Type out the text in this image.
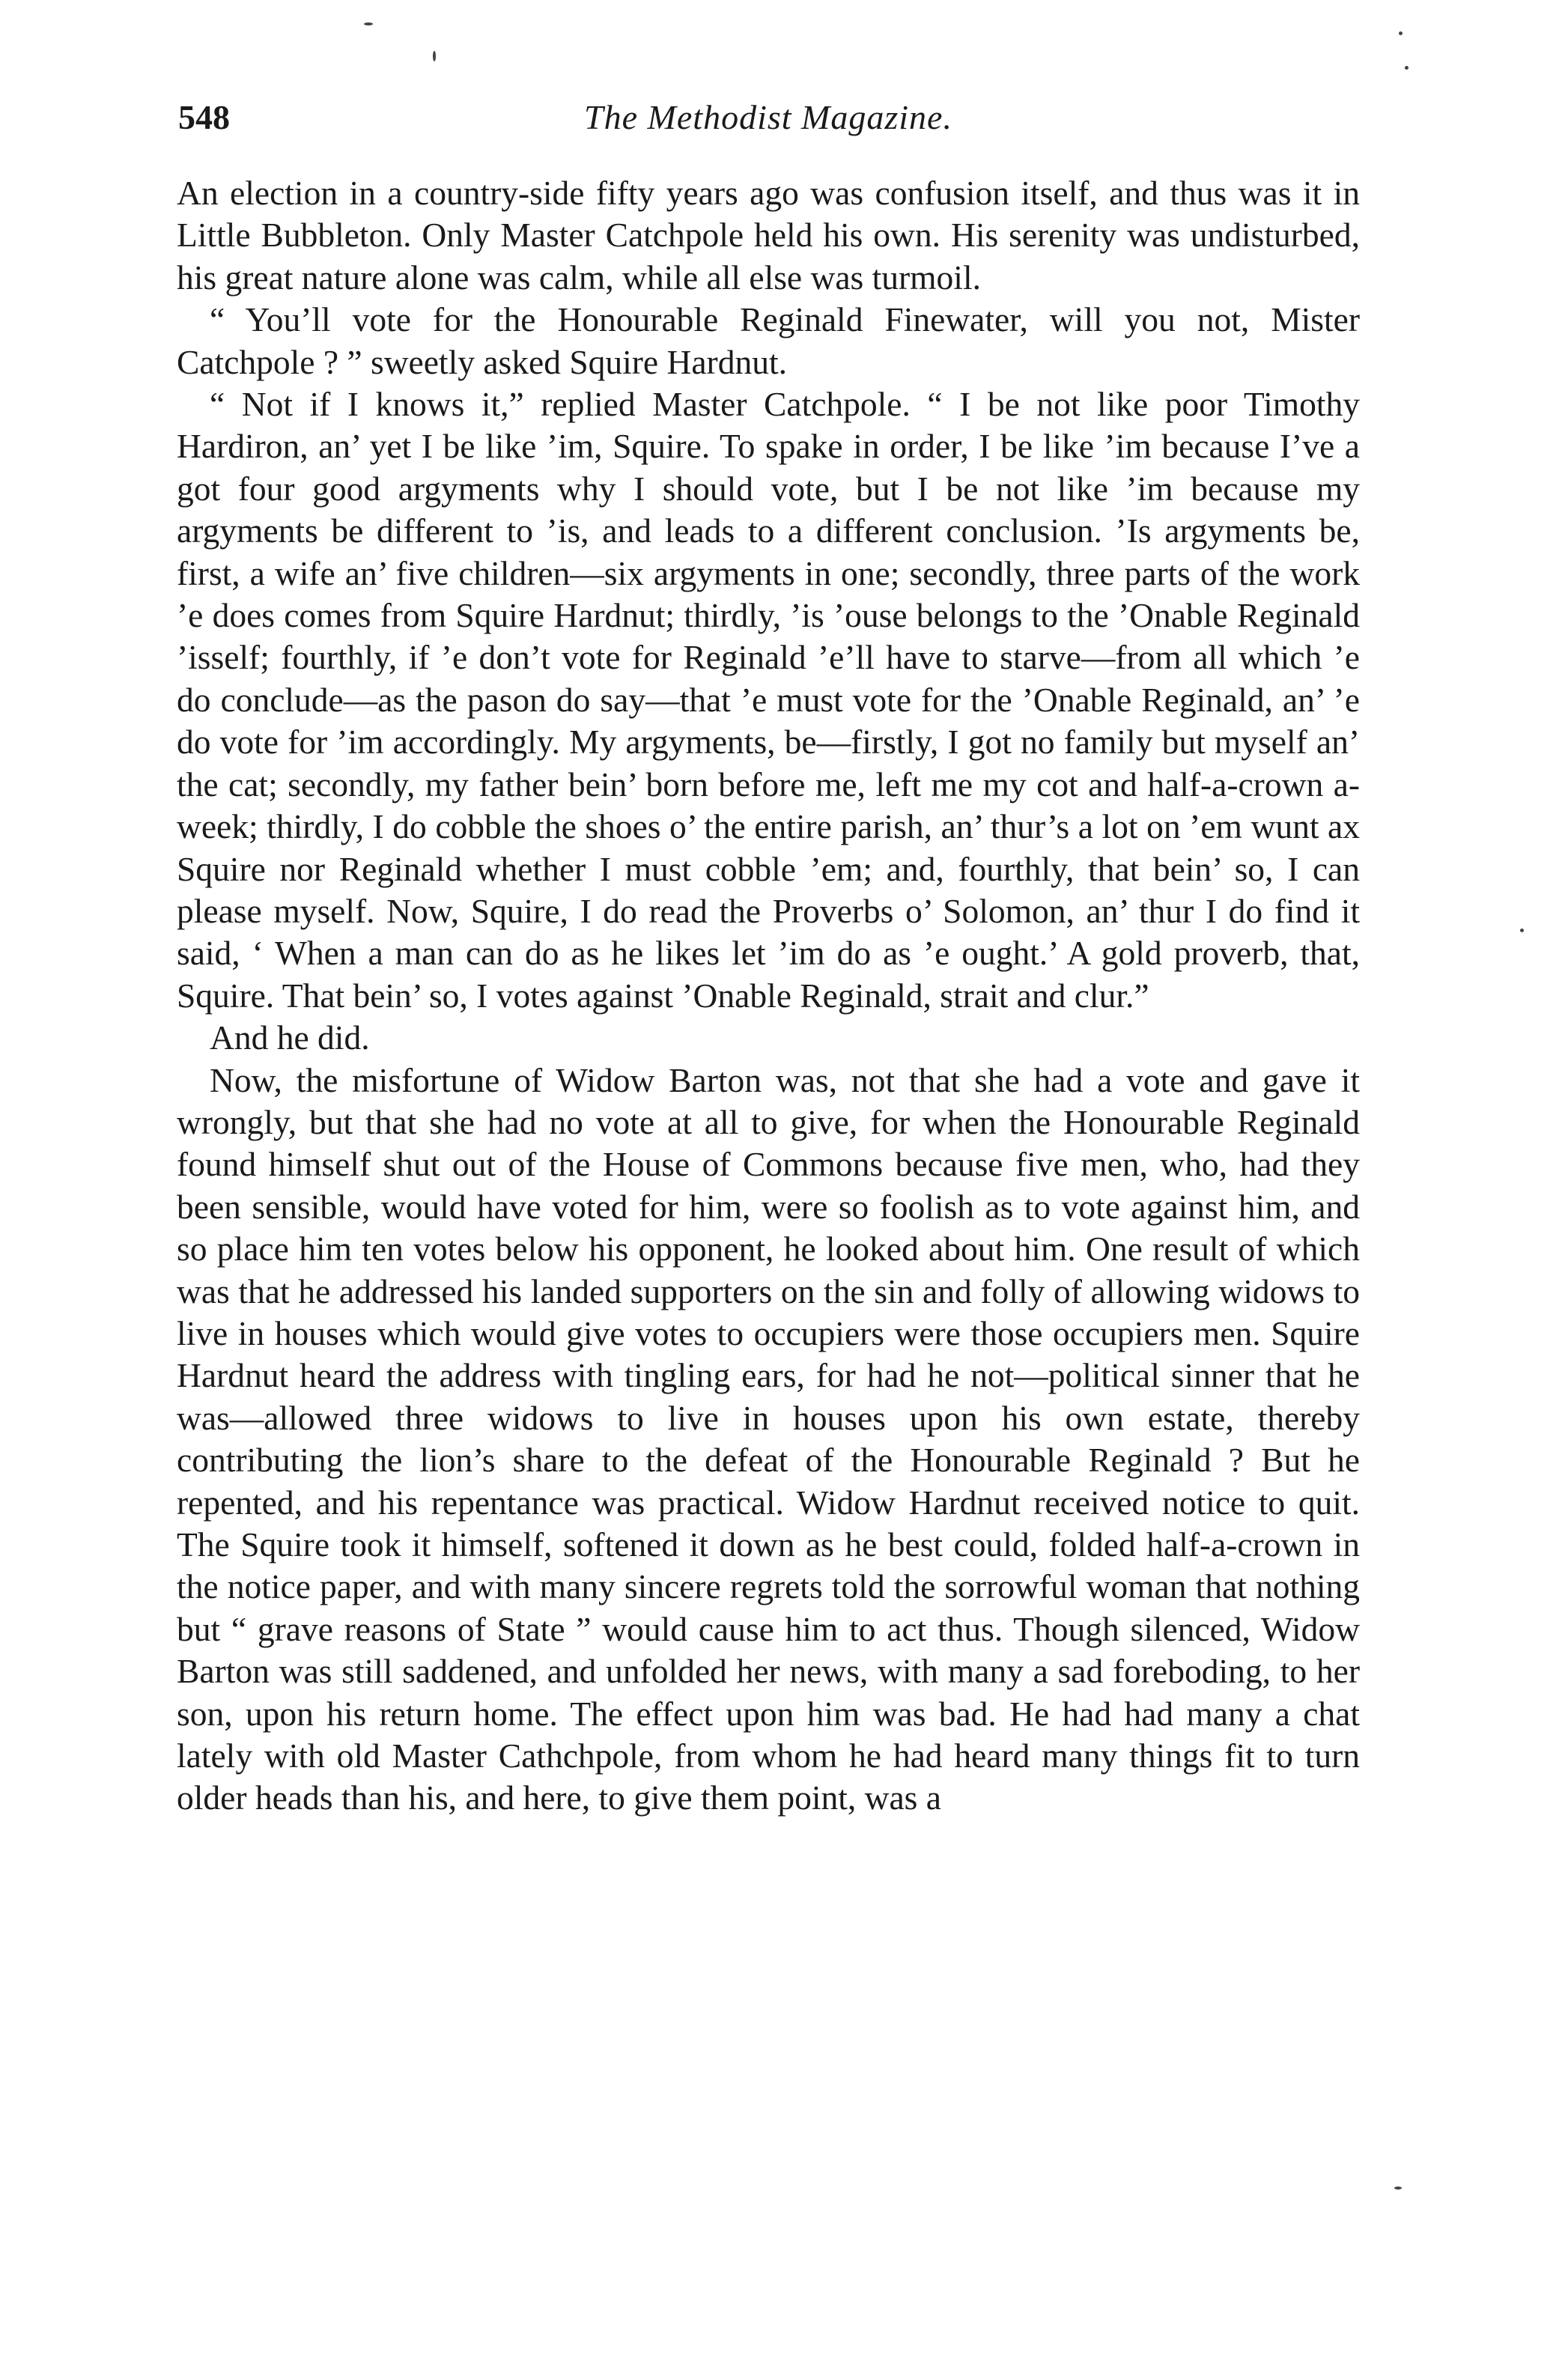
548	The Methodist Magazine.

An election in a country-side fifty years ago was confusion itself, and thus was it in Little Bubbleton. Only Master Catchpole held his own. His serenity was undisturbed, his great nature alone was calm, while all else was turmoil.

“ You’ll vote for the Honourable Reginald Finewater, will you not, Mister Catchpole ? ” sweetly asked Squire Hardnut.

“ Not if I knows it,” replied Master Catchpole. “ I be not like poor Timothy Hardiron, an’ yet I be like ’im, Squire. To spake in order, I be like ’im because I’ve a got four good argyments why I should vote, but I be not like ’im because my argyments be different to ’is, and leads to a different conclusion. ’Is argyments be, first, a wife an’ five children—six argyments in one; secondly, three parts of the work ’e does comes from Squire Hardnut; thirdly, ’is ’ouse belongs to the ’Onable Reginald ’isself; fourthly, if ’e don’t vote for Reginald ’e’ll have to starve—from all which ’e do conclude—as the pason do say—that ’e must vote for the ’Onable Reginald, an’ ’e do vote for ’im accordingly. My argyments, be—firstly, I got no family but myself an’ the cat; secondly, my father bein’ born before me, left me my cot and half-a-crown a-week; thirdly, I do cobble the shoes o’ the entire parish, an’ thur’s a lot on ’em wunt ax Squire nor Reginald whether I must cobble ’em; and, fourthly, that bein’ so, I can please myself. Now, Squire, I do read the Proverbs o’ Solomon, an’ thur I do find it said, ‘ When a man can do as he likes let ’im do as ’e ought.’ A gold proverb, that, Squire. That bein’ so, I votes against ’Onable Reginald, strait and clur.”

And he did.

Now, the misfortune of Widow Barton was, not that she had a vote and gave it wrongly, but that she had no vote at all to give, for when the Honourable Reginald found himself shut out of the House of Commons because five men, who, had they been sensible, would have voted for him, were so foolish as to vote against him, and so place him ten votes below his opponent, he looked about him. One result of which was that he addressed his landed supporters on the sin and folly of allowing widows to live in houses which would give votes to occupiers were those occupiers men. Squire Hardnut heard the address with tingling ears, for had he not—political sinner that he was—allowed three widows to live in houses upon his own estate, thereby contributing the lion’s share to the defeat of the Honourable Reginald ? But he repented, and his repentance was practical. Widow Hardnut received notice to quit. The Squire took it himself, softened it down as he best could, folded half-a-crown in the notice paper, and with many sincere regrets told the sorrowful woman that nothing but “ grave reasons of State ” would cause him to act thus. Though silenced, Widow Barton was still saddened, and unfolded her news, with many a sad foreboding, to her son, upon his return home. The effect upon him was bad. He had had many a chat lately with old Master Cathchpole, from whom he had heard many things fit to turn older heads than his, and here, to give them point, was a
